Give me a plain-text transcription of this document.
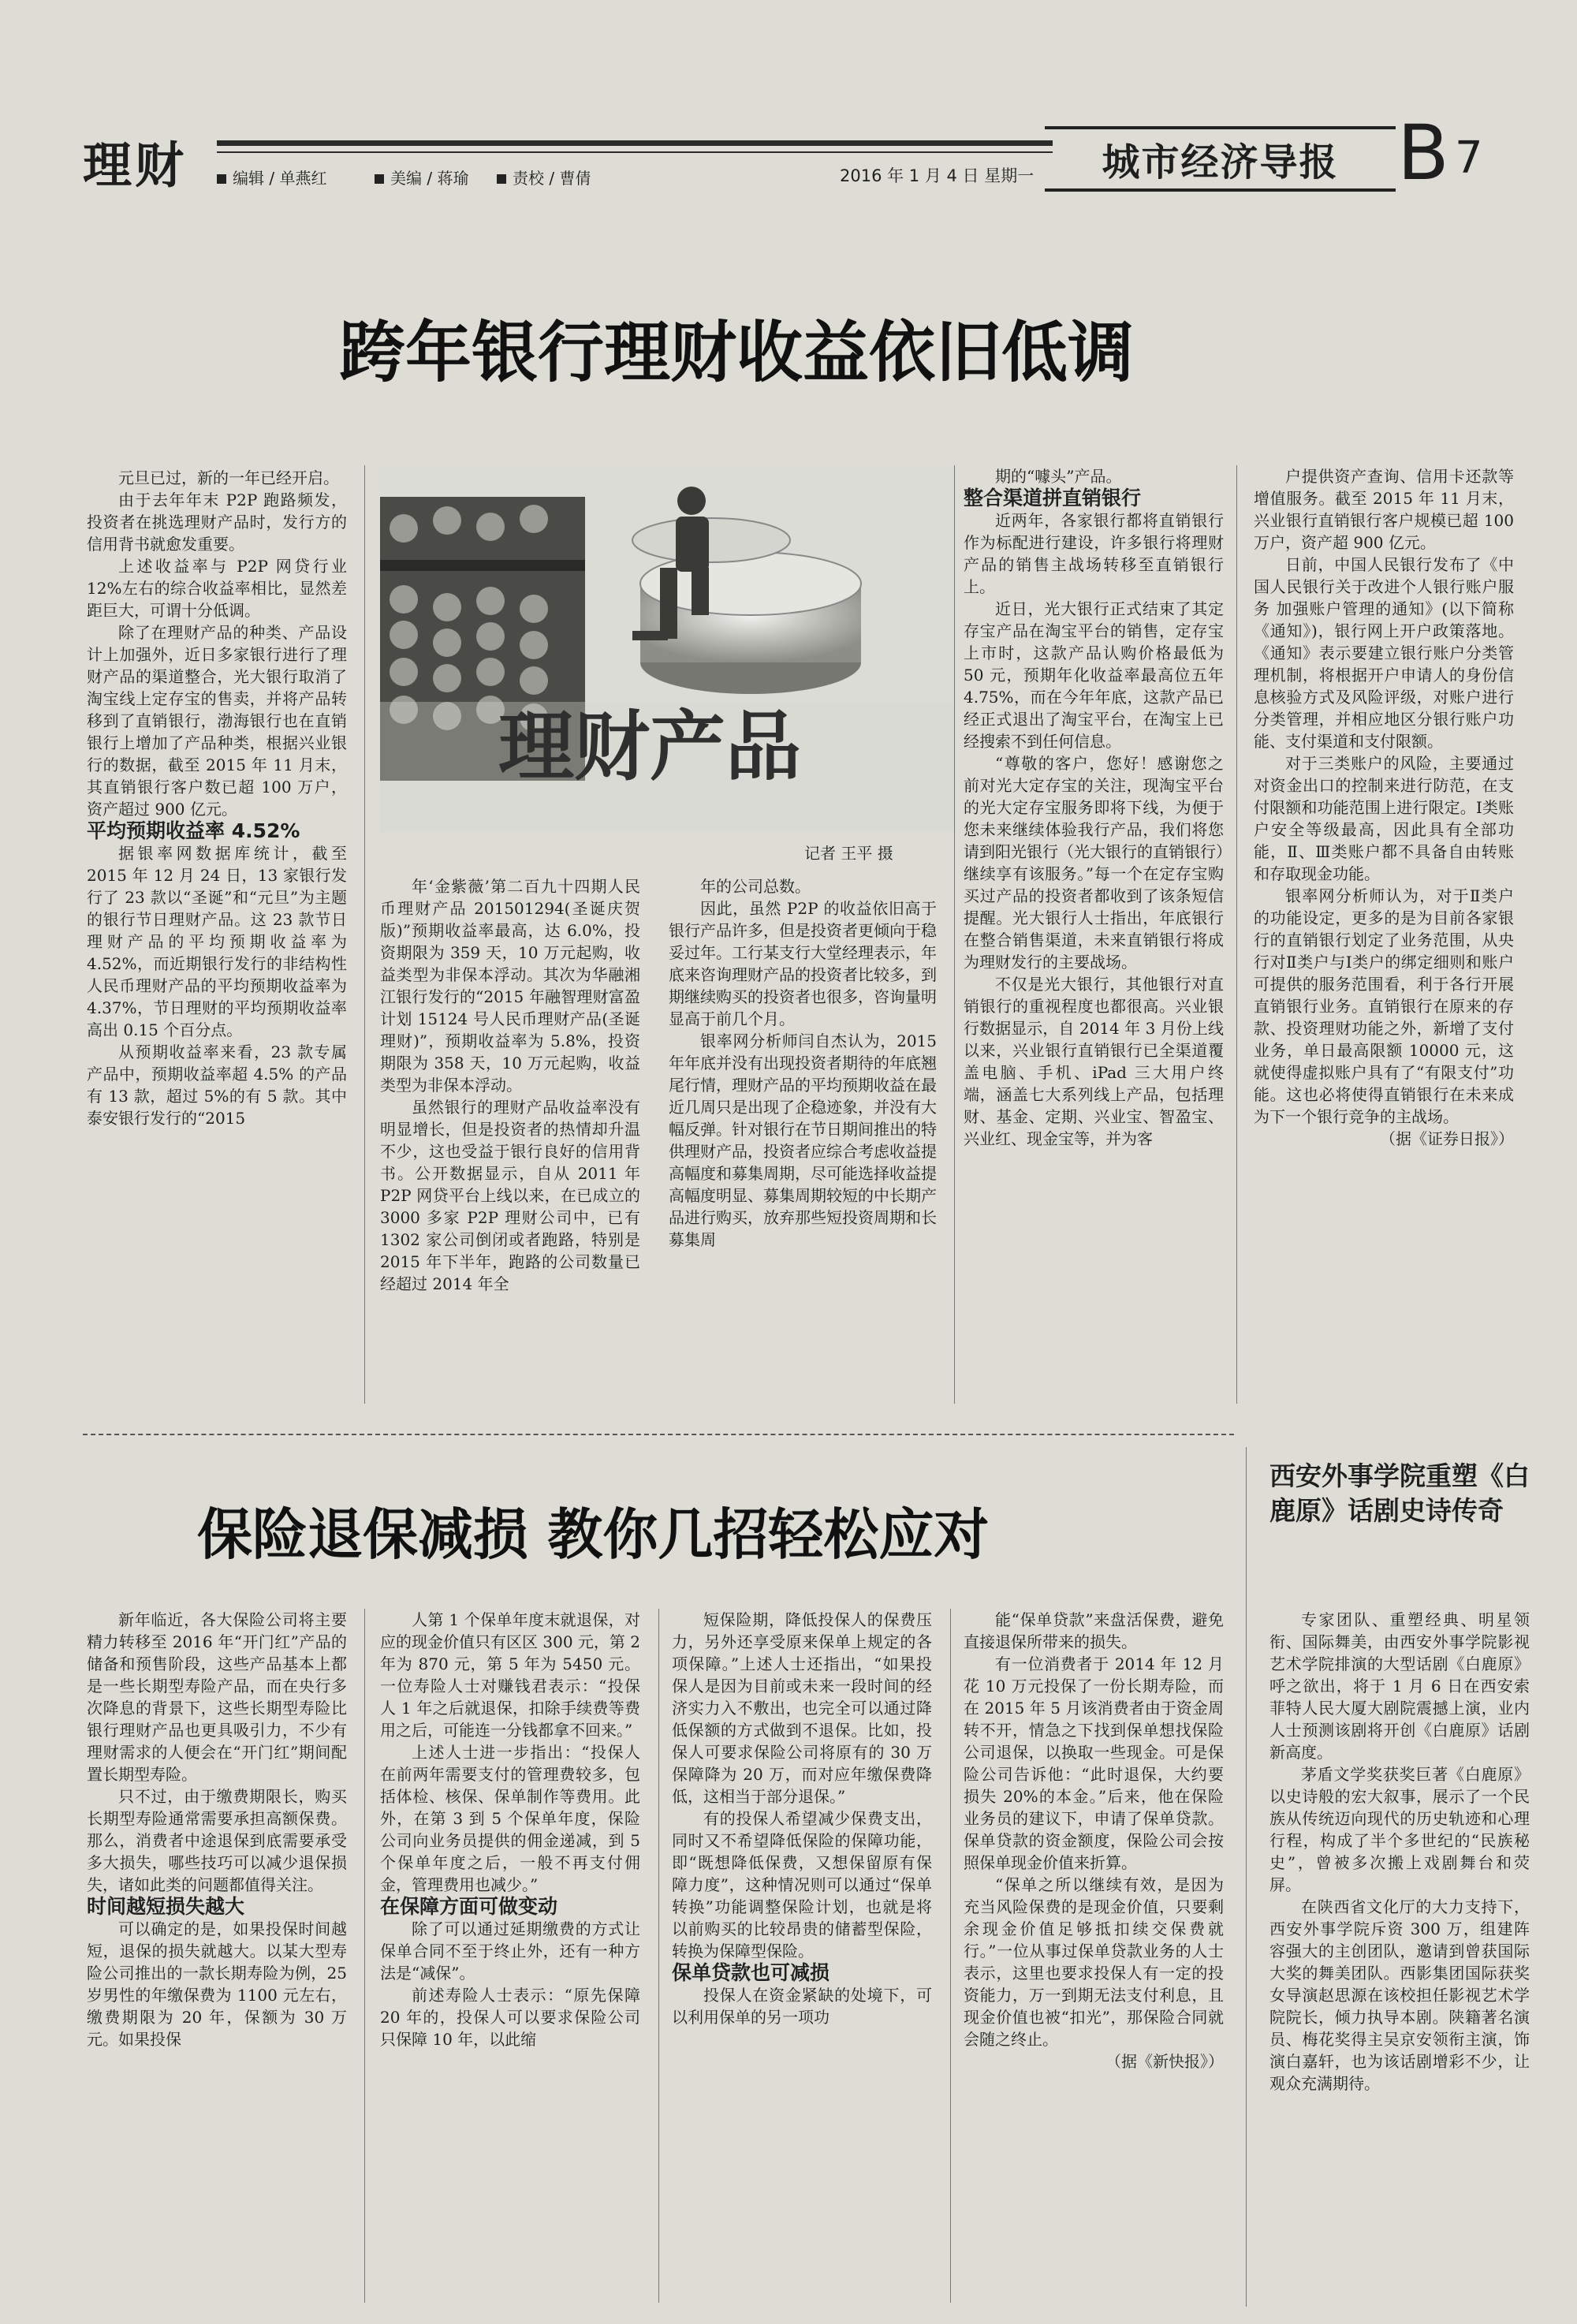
理财	编辑 / 单燕红	美编 / 蒋瑜	责校 / 曹倩	2016 年 1 月 4 日 星期一	城市经济导报 B 7
跨年银行理财收益依旧低调
理财产品
记者 王平 摄

元旦已过，新的一年已经开启。

由于去年年末 P2P 跑路频发，投资者在挑选理财产品时，发行方的信用背书就愈发重要。

上述收益率与 P2P 网贷行业 12%左右的综合收益率相比，显然差距巨大，可谓十分低调。

除了在理财产品的种类、产品设计上加强外，近日多家银行进行了理财产品的渠道整合，光大银行取消了淘宝线上定存宝的售卖，并将产品转移到了直销银行，渤海银行也在直销银行上增加了产品种类，根据兴业银行的数据，截至 2015 年 11 月末，其直销银行客户数已超 100 万户，资产超过 900 亿元。

平均预期收益率 4.52%

据银率网数据库统计，截至 2015 年 12 月 24 日，13 家银行发行了 23 款以“圣诞”和“元旦”为主题的银行节日理财产品。这 23 款节日理财产品的平均预期收益率为 4.52%，而近期银行发行的非结构性人民币理财产品的平均预期收益率为 4.37%，节日理财的平均预期收益率高出 0.15 个百分点。

从预期收益率来看，23 款专属产品中，预期收益率超 4.5% 的产品有 13 款，超过 5%的有 5 款。其中泰安银行发行的“2015

年‘金紫薇’第二百九十四期人民币理财产品 201501294(圣诞庆贺版)”预期收益率最高，达 6.0%，投资期限为 359 天，10 万元起购，收益类型为非保本浮动。其次为华融湘江银行发行的“2015 年融智理财富盈计划 15124 号人民币理财产品(圣诞理财)”，预期收益率为 5.8%，投资期限为 358 天，10 万元起购，收益类型为非保本浮动。

虽然银行的理财产品收益率没有明显增长，但是投资者的热情却升温不少，这也受益于银行良好的信用背书。公开数据显示，自从 2011 年 P2P 网贷平台上线以来，在已成立的 3000 多家 P2P 理财公司中，已有 1302 家公司倒闭或者跑路，特别是 2015 年下半年，跑路的公司数量已经超过 2014 年全

年的公司总数。

因此，虽然 P2P 的收益依旧高于银行产品许多，但是投资者更倾向于稳妥过年。工行某支行大堂经理表示，年底来咨询理财产品的投资者比较多，到期继续购买的投资者也很多，咨询量明显高于前几个月。

银率网分析师闫自杰认为，2015 年年底并没有出现投资者期待的年底翘尾行情，理财产品的平均预期收益在最近几周只是出现了企稳迹象，并没有大幅反弹。针对银行在节日期间推出的特供理财产品，投资者应综合考虑收益提高幅度和募集周期，尽可能选择收益提高幅度明显、募集周期较短的中长期产品进行购买，放弃那些短投资周期和长募集周

期的“噱头”产品。

整合渠道拼直销银行

近两年，各家银行都将直销银行作为标配进行建设，许多银行将理财产品的销售主战场转移至直销银行上。

近日，光大银行正式结束了其定存宝产品在淘宝平台的销售，定存宝上市时，这款产品认购价格最低为 50 元，预期年化收益率最高位五年 4.75%，而在今年年底，这款产品已经正式退出了淘宝平台，在淘宝上已经搜索不到任何信息。

“尊敬的客户，您好！感谢您之前对光大定存宝的关注，现淘宝平台的光大定存宝服务即将下线，为便于您未来继续体验我行产品，我们将您请到阳光银行（光大银行的直销银行）继续享有该服务。”每一个在定存宝购买过产品的投资者都收到了该条短信提醒。光大银行人士指出，年底银行在整合销售渠道，未来直销银行将成为理财发行的主要战场。

不仅是光大银行，其他银行对直销银行的重视程度也都很高。兴业银行数据显示，自 2014 年 3 月份上线以来，兴业银行直销银行已全渠道覆盖电脑、手机、iPad 三大用户终端，涵盖七大系列线上产品，包括理财、基金、定期、兴业宝、智盈宝、兴业红、现金宝等，并为客

户提供资产查询、信用卡还款等增值服务。截至 2015 年 11 月末，兴业银行直销银行客户规模已超 100 万户，资产超 900 亿元。

日前，中国人民银行发布了《中国人民银行关于改进个人银行账户服务 加强账户管理的通知》(以下简称《通知》)，银行网上开户政策落地。《通知》表示要建立银行账户分类管理机制，将根据开户申请人的身份信息核验方式及风险评级，对账户进行分类管理，并相应地区分银行账户功能、支付渠道和支付限额。

对于三类账户的风险，主要通过对资金出口的控制来进行防范，在支付限额和功能范围上进行限定。Ⅰ类账户安全等级最高，因此具有全部功能，Ⅱ、Ⅲ类账户都不具备自由转账和存取现金功能。

银率网分析师认为，对于Ⅱ类户的功能设定，更多的是为目前各家银行的直销银行划定了业务范围，从央行对Ⅱ类户与Ⅰ类户的绑定细则和账户可提供的服务范围看，利于各行开展直销银行业务。直销银行在原来的存款、投资理财功能之外，新增了支付业务，单日最高限额 10000 元，这就使得虚拟账户具有了“有限支付”功能。这也必将使得直销银行在未来成为下一个银行竞争的主战场。

（据《证券日报》）

保险退保减损 教你几招轻松应对

新年临近，各大保险公司将主要精力转移至 2016 年“开门红”产品的储备和预售阶段，这些产品基本上都是一些长期型寿险产品，而在央行多次降息的背景下，这些长期型寿险比银行理财产品也更具吸引力，不少有理财需求的人便会在“开门红”期间配置长期型寿险。

只不过，由于缴费期限长，购买长期型寿险通常需要承担高额保费。那么，消费者中途退保到底需要承受多大损失，哪些技巧可以减少退保损失，诸如此类的问题都值得关注。

时间越短损失越大

可以确定的是，如果投保时间越短，退保的损失就越大。以某大型寿险公司推出的一款长期寿险为例，25 岁男性的年缴保费为 1100 元左右，缴费期限为 20 年，保额为 30 万元。如果投保

人第 1 个保单年度末就退保，对应的现金价值只有区区 300 元，第 2 年为 870 元，第 5 年为 5450 元。一位寿险人士对赚钱君表示：“投保人 1 年之后就退保，扣除手续费等费用之后，可能连一分钱都拿不回来。”

上述人士进一步指出：“投保人在前两年需要支付的管理费较多，包括体检、核保、保单制作等费用。此外，在第 3 到 5 个保单年度，保险公司向业务员提供的佣金递减，到 5 个保单年度之后，一般不再支付佣金，管理费用也减少。”

在保障方面可做变动

除了可以通过延期缴费的方式让保单合同不至于终止外，还有一种方法是“减保”。

前述寿险人士表示：“原先保障 20 年的，投保人可以要求保险公司只保障 10 年，以此缩

短保险期，降低投保人的保费压力，另外还享受原来保单上规定的各项保障。”上述人士还指出，“如果投保人是因为目前或未来一段时间的经济实力入不敷出，也完全可以通过降低保额的方式做到不退保。比如，投保人可要求保险公司将原有的 30 万保障降为 20 万，而对应年缴保费降低，这相当于部分退保。”

有的投保人希望减少保费支出，同时又不希望降低保险的保障功能，即“既想降低保费，又想保留原有保障力度”，这种情况则可以通过“保单转换”功能调整保险计划，也就是将以前购买的比较昂贵的储蓄型保险，转换为保障型保险。

保单贷款也可减损

投保人在资金紧缺的处境下，可以利用保单的另一项功

能“保单贷款”来盘活保费，避免直接退保所带来的损失。

有一位消费者于 2014 年 12 月花 10 万元投保了一份长期寿险，而在 2015 年 5 月该消费者由于资金周转不开，情急之下找到保单想找保险公司退保，以换取一些现金。可是保险公司告诉他：“此时退保，大约要损失 20%的本金。”后来，他在保险业务员的建议下，申请了保单贷款。保单贷款的资金额度，保险公司会按照保单现金价值来折算。

“保单之所以继续有效，是因为充当风险保费的是现金价值，只要剩余现金价值足够抵扣续交保费就行。”一位从事过保单贷款业务的人士表示，这里也要求投保人有一定的投资能力，万一到期无法支付利息，且现金价值也被“扣光”，那保险合同就会随之终止。

（据《新快报》）

西安外事学院重塑《白鹿原》话剧史诗传奇

专家团队、重塑经典、明星领衔、国际舞美，由西安外事学院影视艺术学院排演的大型话剧《白鹿原》呼之欲出，将于 1 月 6 日在西安索菲特人民大厦大剧院震撼上演，业内人士预测该剧将开创《白鹿原》话剧新高度。

茅盾文学奖获奖巨著《白鹿原》以史诗般的宏大叙事，展示了一个民族从传统迈向现代的历史轨迹和心理行程，构成了半个多世纪的“民族秘史”，曾被多次搬上戏剧舞台和荧屏。

在陕西省文化厅的大力支持下，西安外事学院斥资 300 万，组建阵容强大的主创团队，邀请到曾获国际大奖的舞美团队。西影集团国际获奖女导演赵思源在该校担任影视艺术学院院长，倾力执导本剧。陕籍著名演员、梅花奖得主吴京安领衔主演，饰演白嘉轩，也为该话剧增彩不少，让观众充满期待。
